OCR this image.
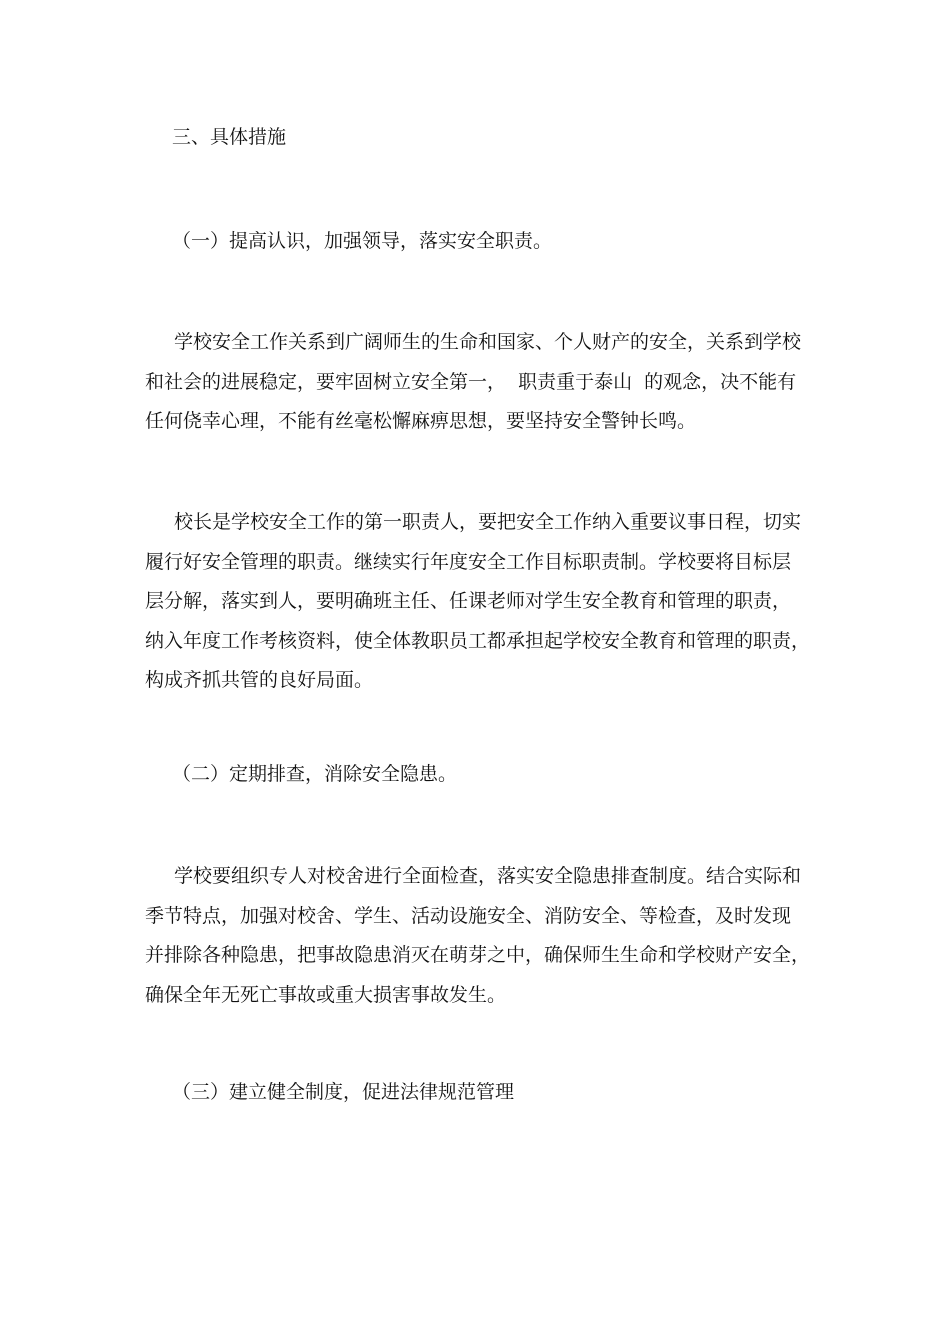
三、具体措施
（一）提高认识，加强领导，落实安全职责。
学校安全工作关系到广阔师生的生命和国家、个人财产的安全，关系到学校
和社会的进展稳定，要牢固树立安全第一，  职责重于泰山  的观念，决不能有
任何侥幸心理，不能有丝毫松懈麻痹思想，要坚持安全警钟长鸣。
校长是学校安全工作的第一职责人，要把安全工作纳入重要议事日程，切实
履行好安全管理的职责。继续实行年度安全工作目标职责制。学校要将目标层
层分解，落实到人，要明确班主任、任课老师对学生安全教育和管理的职责，
纳入年度工作考核资料，使全体教职员工都承担起学校安全教育和管理的职责，
构成齐抓共管的良好局面。
（二）定期排查，消除安全隐患。
学校要组织专人对校舍进行全面检查，落实安全隐患排查制度。结合实际和
季节特点，加强对校舍、学生、活动设施安全、消防安全、等检查，及时发现
并排除各种隐患，把事故隐患消灭在萌芽之中，确保师生生命和学校财产安全，
确保全年无死亡事故或重大损害事故发生。
（三）建立健全制度，促进法律规范管理
